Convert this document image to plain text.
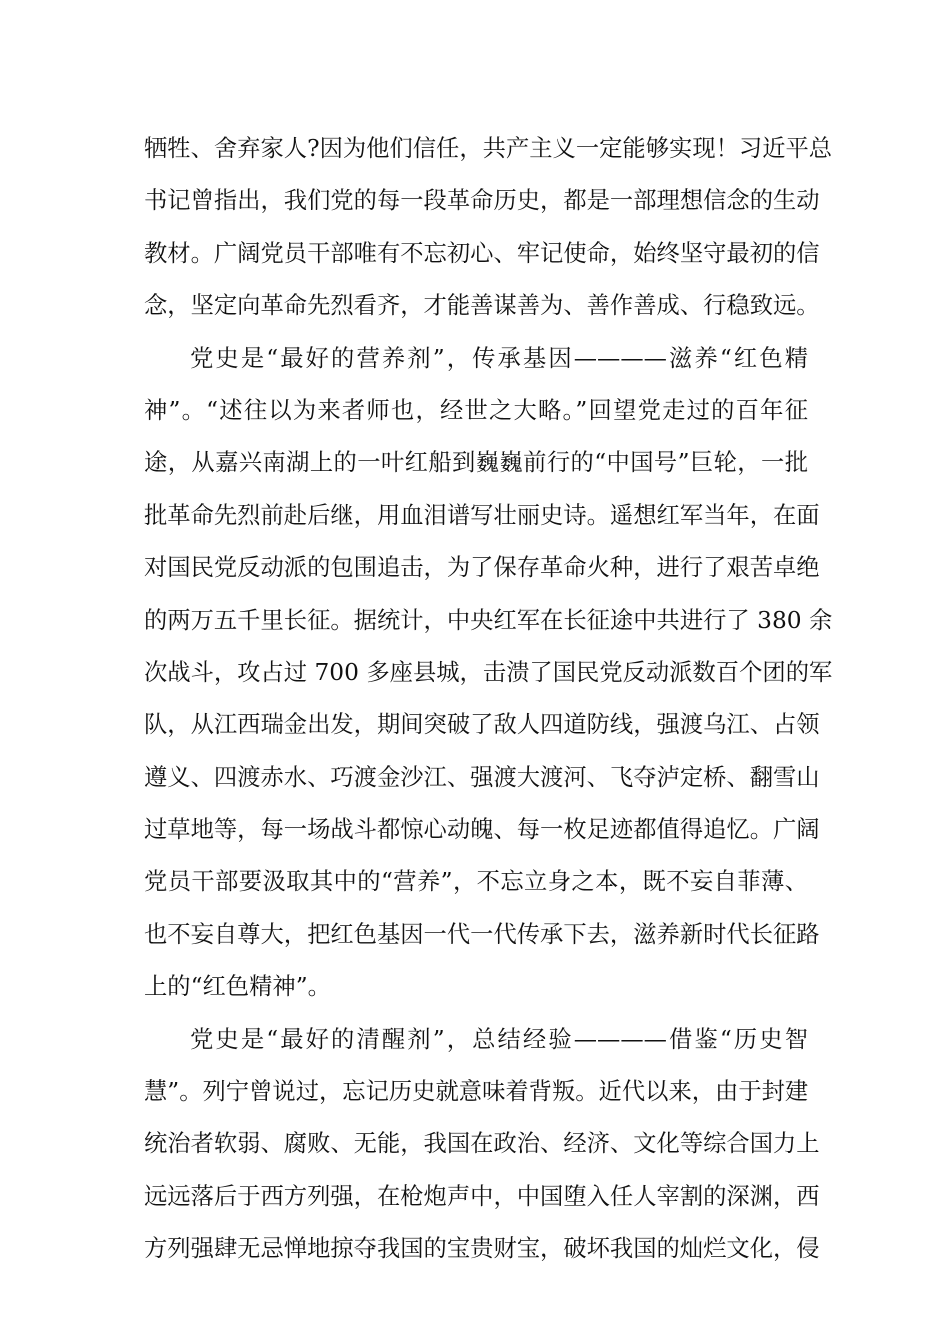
牺牲、舍弃家人?因为他们信任，共产主义一定能够实现！习近平总
书记曾指出，我们党的每一段革命历史，都是一部理想信念的生动
教材。广阔党员干部唯有不忘初心、牢记使命，始终坚守最初的信
念，坚定向革命先烈看齐，才能善谋善为、善作善成、行稳致远。
党史是“最好的营养剂”，传承基因————滋养“红色精
神”。“述往以为来者师也，经世之大略。”回望党走过的百年征
途，从嘉兴南湖上的一叶红船到巍巍前行的“中国号”巨轮，一批
批革命先烈前赴后继，用血泪谱写壮丽史诗。遥想红军当年，在面
对国民党反动派的包围追击，为了保存革命火种，进行了艰苦卓绝
的两万五千里长征。据统计，中央红军在长征途中共进行了 380 余
次战斗，攻占过 700 多座县城，击溃了国民党反动派数百个团的军
队，从江西瑞金出发，期间突破了敌人四道防线，强渡乌江、占领
遵义、四渡赤水、巧渡金沙江、强渡大渡河、飞夺泸定桥、翻雪山
过草地等，每一场战斗都惊心动魄、每一枚足迹都值得追忆。广阔
党员干部要汲取其中的“营养”，不忘立身之本，既不妄自菲薄、
也不妄自尊大，把红色基因一代一代传承下去，滋养新时代长征路
上的“红色精神”。
党史是“最好的清醒剂”，总结经验————借鉴“历史智
慧”。列宁曾说过，忘记历史就意味着背叛。近代以来，由于封建
统治者软弱、腐败、无能，我国在政治、经济、文化等综合国力上
远远落后于西方列强，在枪炮声中，中国堕入任人宰割的深渊，西
方列强肆无忌惮地掠夺我国的宝贵财宝，破坏我国的灿烂文化，侵
